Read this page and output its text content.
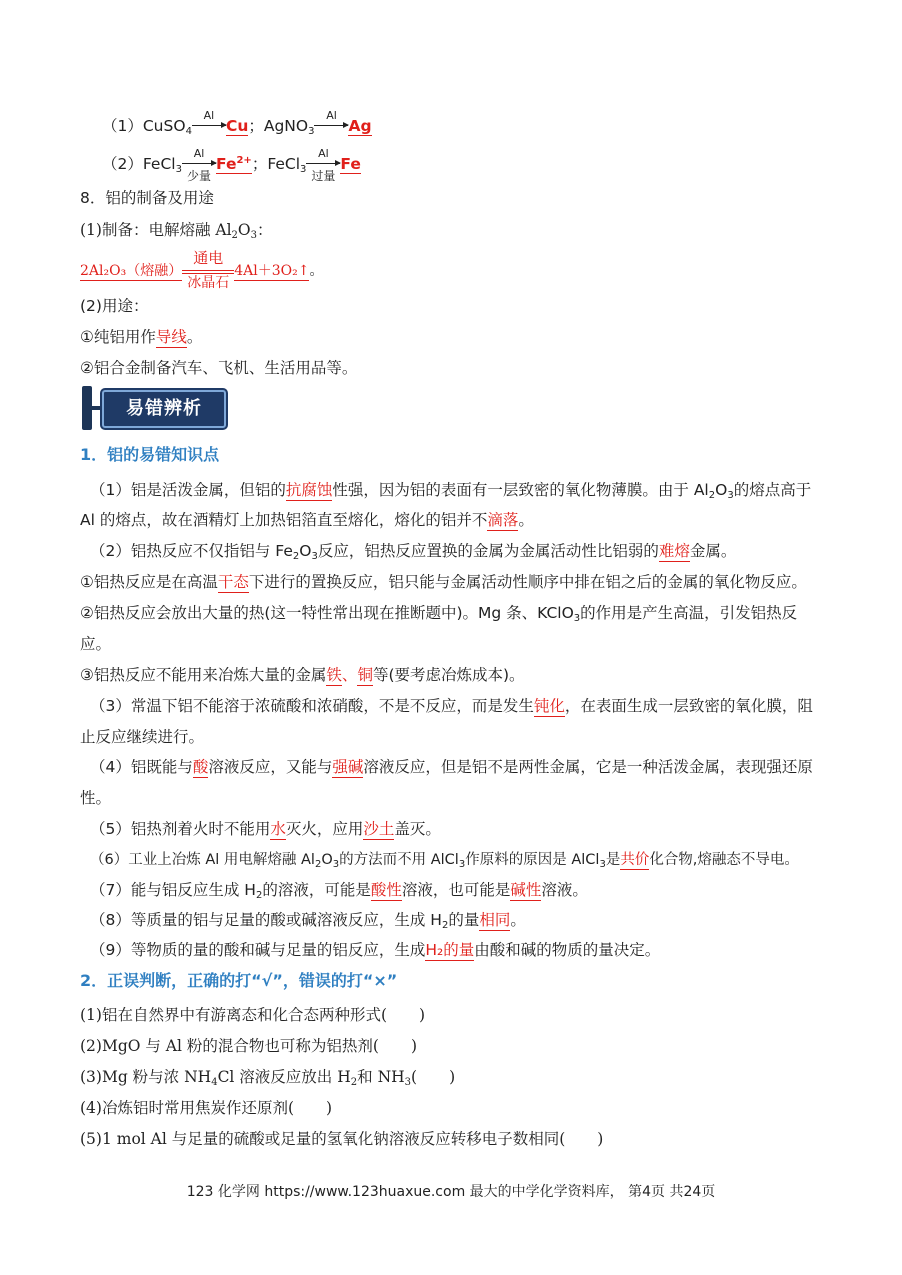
（1）CuSO$_4$
Al
Cu；AgNO$_3$
Al
Ag
（2）FeCl$_3$
Al
少量
$Fe^{2+}$；FeCl$_3$
Al
过量
Fe
8．铝的制备及用途
(1)制备：电解熔融 $Al_2O_3$：
2Al₂O₃（熔融）
通电
冰晶石
4Al＋3O₂↑。
(2)用途：
①纯铝用作导线。
②铝合金制备汽车、飞机、生活用品等。
易错辨析
1．铝的易错知识点
（1）铝是活泼金属，但铝的抗腐蚀性强，因为铝的表面有一层致密的氧化物薄膜。由于 $Al_2O_3$的熔点高于
Al 的熔点，故在酒精灯上加热铝箔直至熔化，熔化的铝并不滴落。
（2）铝热反应不仅指铝与 $Fe_2O_3$反应，铝热反应置换的金属为金属活动性比铝弱的难熔金属。
①铝热反应是在高温干态下进行的置换反应，铝只能与金属活动性顺序中排在铝之后的金属的氧化物反应。
②铝热反应会放出大量的热(这一特性常出现在推断题中)。Mg 条、KClO$_3$的作用是产生高温，引发铝热反
应。
③铝热反应不能用来冶炼大量的金属铁、铜等(要考虑冶炼成本)。
（3）常温下铝不能溶于浓硫酸和浓硝酸，不是不反应，而是发生钝化，在表面生成一层致密的氧化膜，阻
止反应继续进行。
（4）铝既能与酸溶液反应，又能与强碱溶液反应，但是铝不是两性金属，它是一种活泼金属，表现强还原
性。
（5）铝热剂着火时不能用水灭火，应用沙土盖灭。
（6）工业上冶炼 Al 用电解熔融 $Al_2O_3$的方法而不用 AlCl$_3$作原料的原因是 AlCl$_3$是共价化合物,熔融态不导电。
（7）能与铝反应生成 $H_2$的溶液，可能是酸性溶液，也可能是碱性溶液。
（8）等质量的铝与足量的酸或碱溶液反应，生成 $H_2$的量相同。
（9）等物质的量的酸和碱与足量的铝反应，生成H₂的量由酸和碱的物质的量决定。
2．正误判断，正确的打“√”，错误的打“×”
(1)铝在自然界中有游离态和化合态两种形式( )
(2)MgO 与 Al 粉的混合物也可称为铝热剂( )
(3)Mg 粉与浓 $NH_4Cl$ 溶液反应放出 $H_2$和 $NH_3$( )
(4)冶炼铝时常用焦炭作还原剂( )
(5)1 mol Al 与足量的硫酸或足量的氢氧化钠溶液反应转移电子数相同( )
123 化学网 https://www.123huaxue.com 最大的中学化学资料库， 第4页 共24页
